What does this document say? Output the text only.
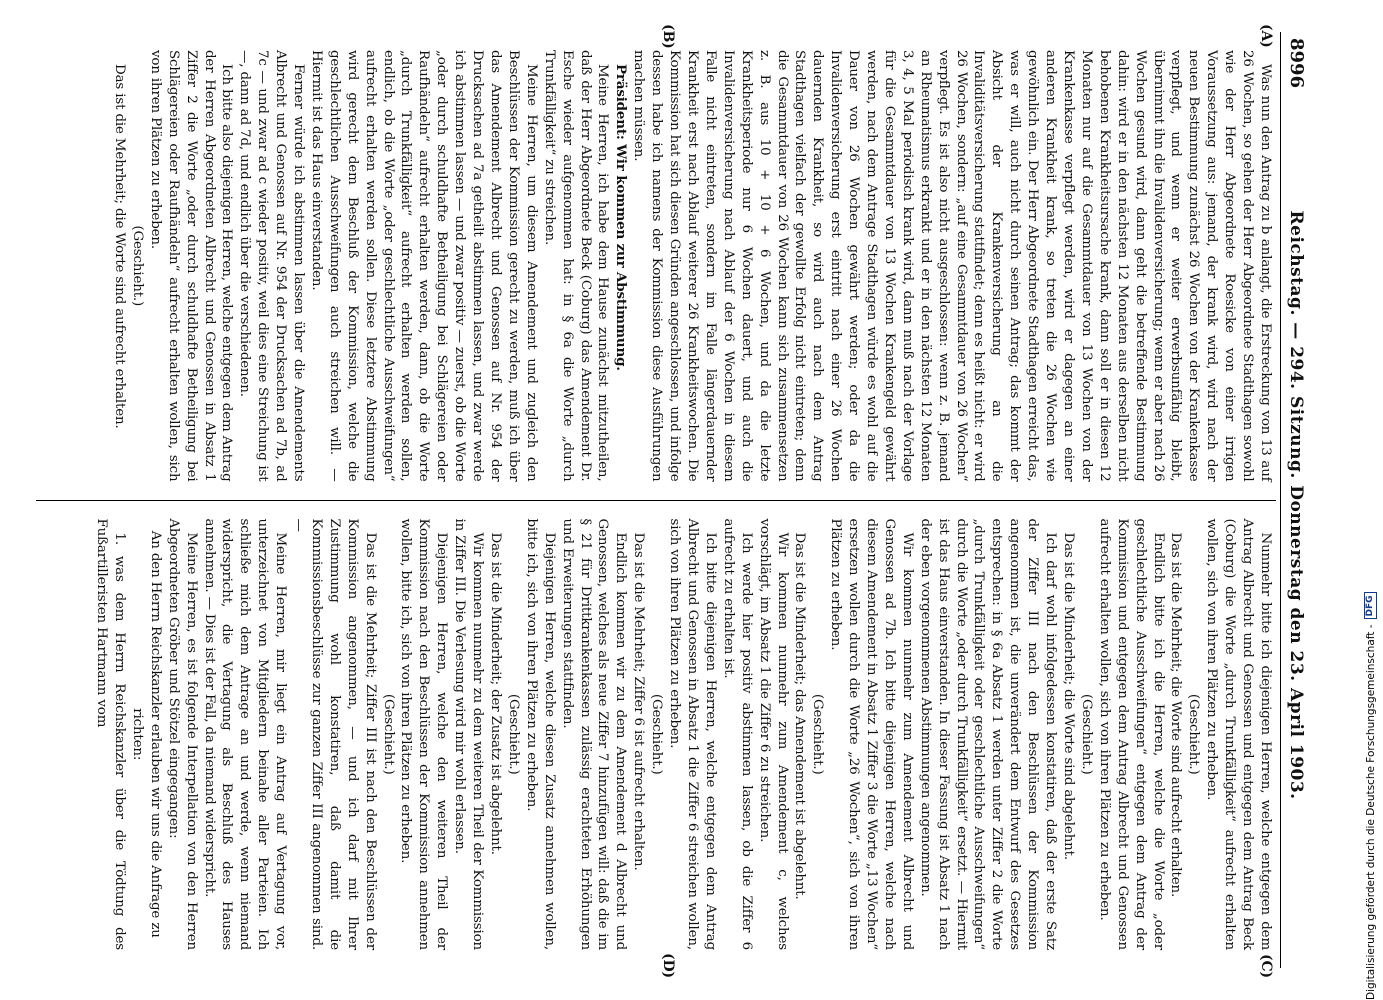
8996
Reichstag. — 294. Sitzung. Donnerstag den 23. April 1903.
(A)
(B)

Was nun den Antrag zu b anlangt, die Erstreckung von 13 auf 26 Wochen, so gehen der Herr Abgeordnete Stadthagen sowohl wie der Herr Abgeordnete Roesicke von einer irrigen Voraussetzung aus: jemand, der krank wird, wird nach der neuen Bestimmung zunächst 26 Wochen von der Krankenkasse verpflegt, und wenn er weiter erwerbsunfähig bleibt, übernimmt ihn die Invalidenversicherung; wenn er aber nach 26 Wochen gesund wird, dann geht die betreffende Bestimmung dahin: wird er in den nächsten 12 Monaten aus derselben nicht behobenen Krankheitsursache krank, dann soll er in diesen 12 Monaten nur auf die Gesammtdauer von 13 Wochen von der Krankenkasse verpflegt werden, wird er dagegen an einer anderen Krankheit krank, so treten die 26 Wochen wie gewöhnlich ein. Der Herr Abgeordnete Stadthagen erreicht das, was er will, auch nicht durch seinen Antrag; das kommt der Absicht der Krankenversicherung an die Invaliditätsversicherung stattfindet; denn es heißt nicht: er wird 26 Wochen, sondern: „auf eine Gesammtdauer von 26 Wochen“ verpflegt. Es ist also nicht ausgeschlossen: wenn z. B. jemand an Rheumatismus erkrankt und er in den nächsten 12 Monaten 3, 4, 5 Mal periodisch krank wird, dann muß nach der Vorlage für die Gesammtdauer von 13 Wochen Krankengeld gewährt werden, nach dem Antrage Stadthagen würde es wohl auf die Dauer von 26 Wochen gewährt werden; oder da die Invalidenversicherung erst eintritt nach einer 26 Wochen dauernden Krankheit, so wird auch nach dem Antrag Stadthagen vielfach der gewollte Erfolg nicht eintreten; denn die Gesammtdauer von 26 Wochen kann sich zusammensetzen z. B. aus 10 + 10 + 6 Wochen, und da die letzte Krankheitsperiode nur 6 Wochen dauert, und auch die Invalidenversicherung nach Ablauf der 6 Wochen in diesem Falle nicht eintreten, sondern im Falle längerdauernder Krankheit erst nach Ablauf weiterer 26 Krankheitswochen. Die Kommission hat sich diesen Gründen angeschlossen, und infolge dessen habe ich namens der Kommission diese Ausführungen machen müssen.

Präsident: Wir kommen zur Abstimmung.

Meine Herren, ich habe dem Hause zunächst mitzutheilen, daß der Herr Abgeordnete Beck (Coburg) das Amendement Dr. Esche wieder aufgenommen hat: in § 6a die Worte „durch Trunkfälligkeit“ zu streichen.

Meine Herren, um diesem Amendement und zugleich den Beschlüssen der Kommission gerecht zu werden, muß ich über das Amendement Albrecht und Genossen auf Nr. 954 der Drucksachen ad 7a getheilt abstimmen lassen, und zwar werde ich abstimmen lassen — und zwar positiv — zuerst, ob die Worte „oder durch schuldhafte Betheiligung bei Schlägereien oder Raufhändeln“ aufrecht erhalten werden, dann, ob die Worte „durch Trunkfälligkeit“ aufrecht erhalten werden sollen, endlich, ob die Worte „oder geschlechtliche Ausschweifungen“ aufrecht erhalten werden sollen. Diese letztere Abstimmung wird gerecht dem Beschluß der Kommission, welche die geschlechtlichen Ausschweifungen auch streichen will. — Hiermit ist das Haus einverstanden.

Ferner würde ich abstimmen lassen über die Amendements Albrecht und Genossen auf Nr. 954 der Drucksachen ad 7b, ad 7c — und zwar ad c wieder positiv, weil dies eine Streichung ist —, dann ad 7d, und endlich über die verschiedenen.

Ich bitte also diejenigen Herren, welche entgegen dem Antrag der Herren Abgeordneten Albrecht und Genossen in Absatz 1 Ziffer 2 die Worte „oder durch schuldhafte Betheiligung bei Schlägereien oder Raufhändeln“ aufrecht erhalten wollen, sich von ihren Plätzen zu erheben.

(Geschieht.)

Das ist die Mehrheit; die Worte sind aufrecht erhalten.

(C)
(D)

Nunmehr bitte ich diejenigen Herren, welche entgegen dem Antrag Albrecht und Genossen und entgegen dem Antrag Beck (Coburg) die Worte „durch Trunkfälligkeit“ aufrecht erhalten wollen, sich von ihren Plätzen zu erheben.

(Geschieht.)

Das ist die Mehrheit; die Worte sind aufrecht erhalten.

Endlich bitte ich die Herren, welche die Worte „oder geschlechtliche Ausschweifungen“ entgegen dem Antrag der Kommission und entgegen dem Antrag Albrecht und Genossen aufrecht erhalten wollen, sich von ihren Plätzen zu erheben.

(Geschieht.)

Das ist die Minderheit; die Worte sind abgelehnt.

Ich darf wohl infolgedessen konstatiren, daß der erste Satz der Ziffer III nach den Beschlüssen der Kommission angenommen ist, die unverändert dem Entwurf des Gesetzes entsprechen: in § 6a Absatz 1 werden unter Ziffer 2 die Worte „durch Trunkfälligkeit oder geschlechtliche Ausschweifungen“ durch die Worte „oder durch Trunkfälligkeit“ ersetzt. — Hiermit ist das Haus einverstanden. In dieser Fassung ist Absatz 1 nach der eben vorgenommenen Abstimmungen angenommen.

Wir kommen nunmehr zum Amendement Albrecht und Genossen ad 7b. Ich bitte diejenigen Herren, welche nach diesem Amendement in Absatz 1 Ziffer 3 die Worte „13 Wochen“ ersetzen wollen durch die Worte „26 Wochen“, sich von ihren Plätzen zu erheben.

(Geschieht.)

Das ist die Minderheit; das Amendement ist abgelehnt.

Wir kommen nunmehr zum Amendement c, welches vorschlägt, im Absatz 1 die Ziffer 6 zu streichen.

Ich werde hier positiv abstimmen lassen, ob die Ziffer 6 aufrecht zu erhalten ist.

Ich bitte diejenigen Herren, welche entgegen dem Antrag Albrecht und Genossen in Absatz 1 die Ziffer 6 streichen wollen, sich von ihren Plätzen zu erheben.

(Geschieht.)

Das ist die Mehrheit; Ziffer 6 ist aufrecht erhalten.

Endlich kommen wir zu dem Amendement d Albrecht und Genossen, welches als neue Ziffer 7 hinzufügen will: daß die im § 21 für Drittkrankenkassen zulässig erachteten Erhöhungen und Erweiterungen stattfinden.

Diejenigen Herren, welche diesen Zusatz annehmen wollen, bitte ich, sich von ihren Plätzen zu erheben.

(Geschieht.)

Das ist die Minderheit; der Zusatz ist abgelehnt.

Wir kommen nunmehr zu dem weiteren Theil der Kommission in Ziffer III. Die Verlesung wird mir wohl erlassen.

Diejenigen Herren, welche den weiteren Theil der Kommission nach den Beschlüssen der Kommission annehmen wollen, bitte ich, sich von ihren Plätzen zu erheben.

(Geschieht.)

Das ist die Mehrheit; Ziffer III ist nach den Beschlüssen der Kommission angenommen, — und ich darf mit Ihrer Zustimmung wohl konstatiren, daß damit die Kommissionsbeschlüsse zur ganzen Ziffer III angenommen sind. —

Meine Herren, mir liegt ein Antrag auf Vertagung vor, unterzeichnet von Mitgliedern beinahe aller Parteien. Ich schließe mich dem Antrage an und werde, wenn niemand widerspricht, die Vertagung als Beschluß des Hauses annehmen. — Dies ist der Fall, da niemand widerspricht.

Meine Herren, es ist folgende Interpellation von den Herren Abgeordneten Gröber und Stötzel eingegangen:

An den Herrn Reichskanzler erlauben wir uns die Anfrage zu richten:

1. was dem Herrn Reichskanzler über die Tödtung des Fußartilleristen Hartmann vom

Digitalisierung gefördert durch die Deutsche Forschungsgemeinschaft -
DFG
